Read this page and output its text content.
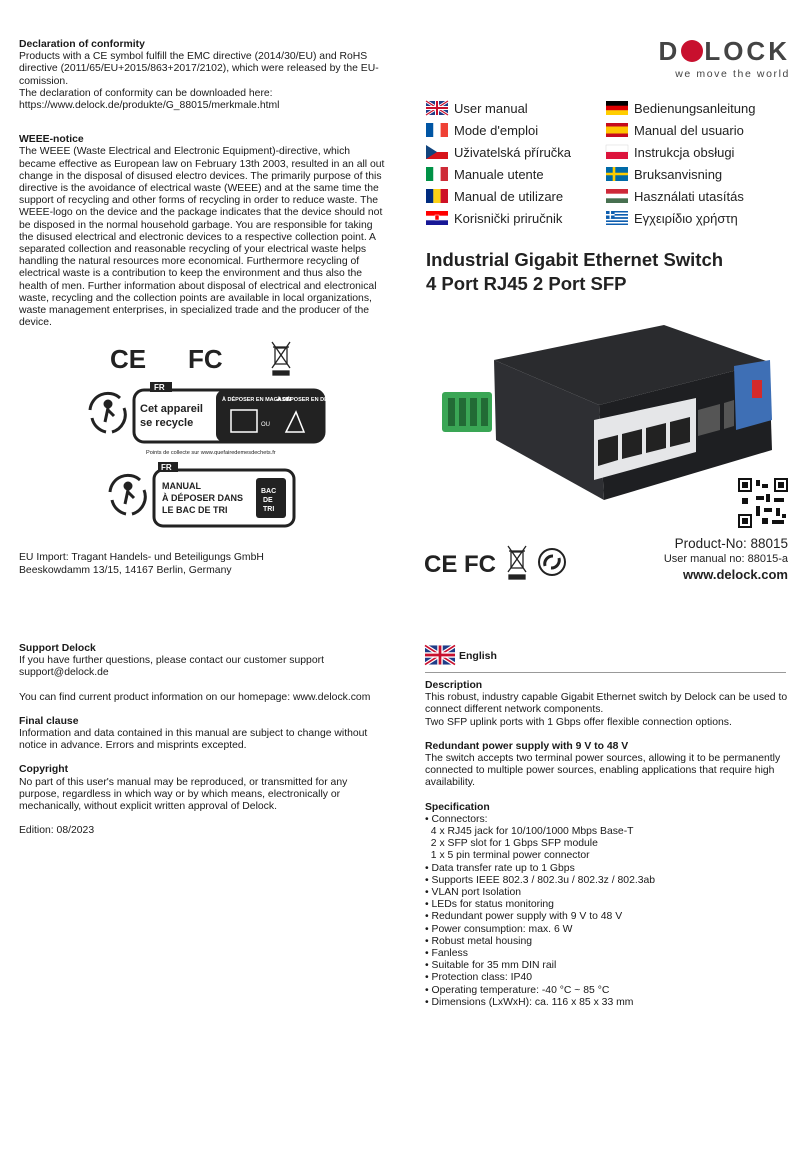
Declaration of conformity
Products with a CE symbol fulfill the EMC directive (2014/30/EU) and RoHS directive (2011/65/EU+2015/863+2017/2102), which were released by the EU-comission.
The declaration of conformity can be downloaded here:
https://www.delock.de/produkte/G_88015/merkmale.html
WEEE-notice
The WEEE (Waste Electrical and Electronic Equipment)-directive, which became effective as European law on February 13th 2003, resulted in an all out change in the disposal of disused electro devices. The primarily purpose of this directive is the avoidance of electrical waste (WEEE) and at the same time the support of recycling and other forms of recycling in order to reduce waste. The WEEE-logo on the device and the package indicates that the device should not be disposed in the normal household garbage. You are responsible for taking the disused electrical and electronic devices to a respective collection point. A separated collection and reasonable recycling of your electrical waste helps handling the natural resources more economical. Furthermore recycling of electrical waste is a contribution to keep the environment and thus also the health of men. Further information about disposal of electrical and electronical waste, recycling and the collection points are available in local organizations, waste management enterprises, in specialized trade and the producer of the device.
CE FC
FR
Cet appareil
se recycle
À DÉPOSER EN MAGASIN
À DÉPOSER EN DÉCHÈTERIE
OU
Points de collecte sur www.quefairedemesdechets.fr
FR
MANUAL
À DÉPOSER DANS
LE BAC DE TRI
BAC
DE
TRI
EU Import: Tragant Handels- und Beteiligungs GmbH
Beeskowdamm 13/15, 14167 Berlin, Germany
Support Delock
If you have further questions, please contact our customer support
support@delock.de
You can find current product information on our homepage: www.delock.com
Final clause
Information and data contained in this manual are subject to change without notice in advance. Errors and misprints excepted.
Copyright
No part of this user's manual may be reproduced, or transmitted for any purpose, regardless in which way or by which means, electronically or mechanically, without explicit written approval of Delock.
Edition: 08/2023
D LOCK
we move the world
User manual	Bedienungsanleitung
Mode d'emploi	Manual del usuario
Uživatelská příručka	Instrukcja obsługi
Manuale utente	Bruksanvisning
Manual de utilizare	Használati utasítás
Korisnički priručnik	Εγχειρίδιο χρήστη
Industrial Gigabit Ethernet Switch
4 Port RJ45 2 Port SFP
CE FC
Product-No: 88015
User manual no: 88015-a
www.delock.com
English
Description
This robust, industry capable Gigabit Ethernet switch by Delock can be used to connect different network components.
Two SFP uplink ports with 1 Gbps offer flexible connection options.
Redundant power supply with 9 V to 48 V
The switch accepts two terminal power sources, allowing it to be permanently connected to multiple power sources, enabling applications that require high availability.
Specification
• Connectors:
4 x RJ45 jack for 10/100/1000 Mbps Base-T
2 x SFP slot for 1 Gbps SFP module
1 x 5 pin terminal power connector
• Data transfer rate up to 1 Gbps
• Supports IEEE 802.3 / 802.3u / 802.3z / 802.3ab
• VLAN port Isolation
• LEDs for status monitoring
• Redundant power supply with 9 V to 48 V
• Power consumption: max. 6 W
• Robust metal housing
• Fanless
• Suitable for 35 mm DIN rail
• Protection class: IP40
• Operating temperature: -40 °C ~ 85 °C
• Dimensions (LxWxH): ca. 116 x 85 x 33 mm
